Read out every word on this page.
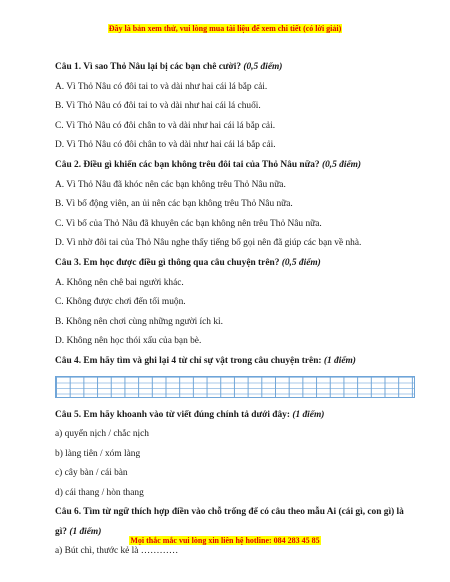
Đây là bản xem thử, vui lòng mua tài liệu để xem chi tiết (có lời giải)
Câu 1. Vì sao Thỏ Nâu lại bị các bạn chê cười? (0,5 điểm)
A. Vì Thỏ Nâu có đôi tai to và dài như hai cái lá bắp cải.
B. Vì Thỏ Nâu có đôi tai to và dài như hai cái lá chuối.
C. Vì Thỏ Nâu có đôi chân to và dài như hai cái lá bắp cải.
D. Vì Thỏ Nâu có đôi chân to và dài như hai cái lá bắp cải.
Câu 2. Điều gì khiến các bạn không trêu đôi tai của Thỏ Nâu nữa? (0,5 điểm)
A. Vì Thỏ Nâu đã khóc nên các bạn không trêu Thỏ Nâu nữa.
B. Vì bố động viên, an ủi nên các bạn không trêu Thỏ Nâu nữa.
C. Vì bố của Thỏ Nâu đã khuyên các bạn không nên trêu Thỏ Nâu nữa.
D. Vì nhờ đôi tai của Thỏ Nâu nghe thấy tiếng bố gọi nên đã giúp các bạn về nhà.
Câu 3. Em học được điều gì thông qua câu chuyện trên? (0,5 điểm)
A. Không nên chê bai người khác.
C. Không được chơi đến tối muộn.
B. Không nên chơi cùng những người ích kỉ.
D. Không nên học thói xấu của bạn bè.
Câu 4. Em hãy tìm và ghi lại 4 từ chỉ sự vật trong câu chuyện trên: (1 điểm)
Câu 5. Em hãy khoanh vào từ viết đúng chính tả dưới đây: (1 điểm)
a) quyển nịch / chắc nịch
b) làng tiên / xóm làng
c) cây bàn / cái bàn
d) cái thang / hòn thang
Câu 6. Tìm từ ngữ thích hợp điền vào chỗ trống để có câu theo mẫu Ai (cái gì, con gì) là gì? (1 điểm)
a) Bút chì, thước kẻ là …………
Mọi thắc mắc vui lòng xin liên hệ hotline: 084 283 45 85
